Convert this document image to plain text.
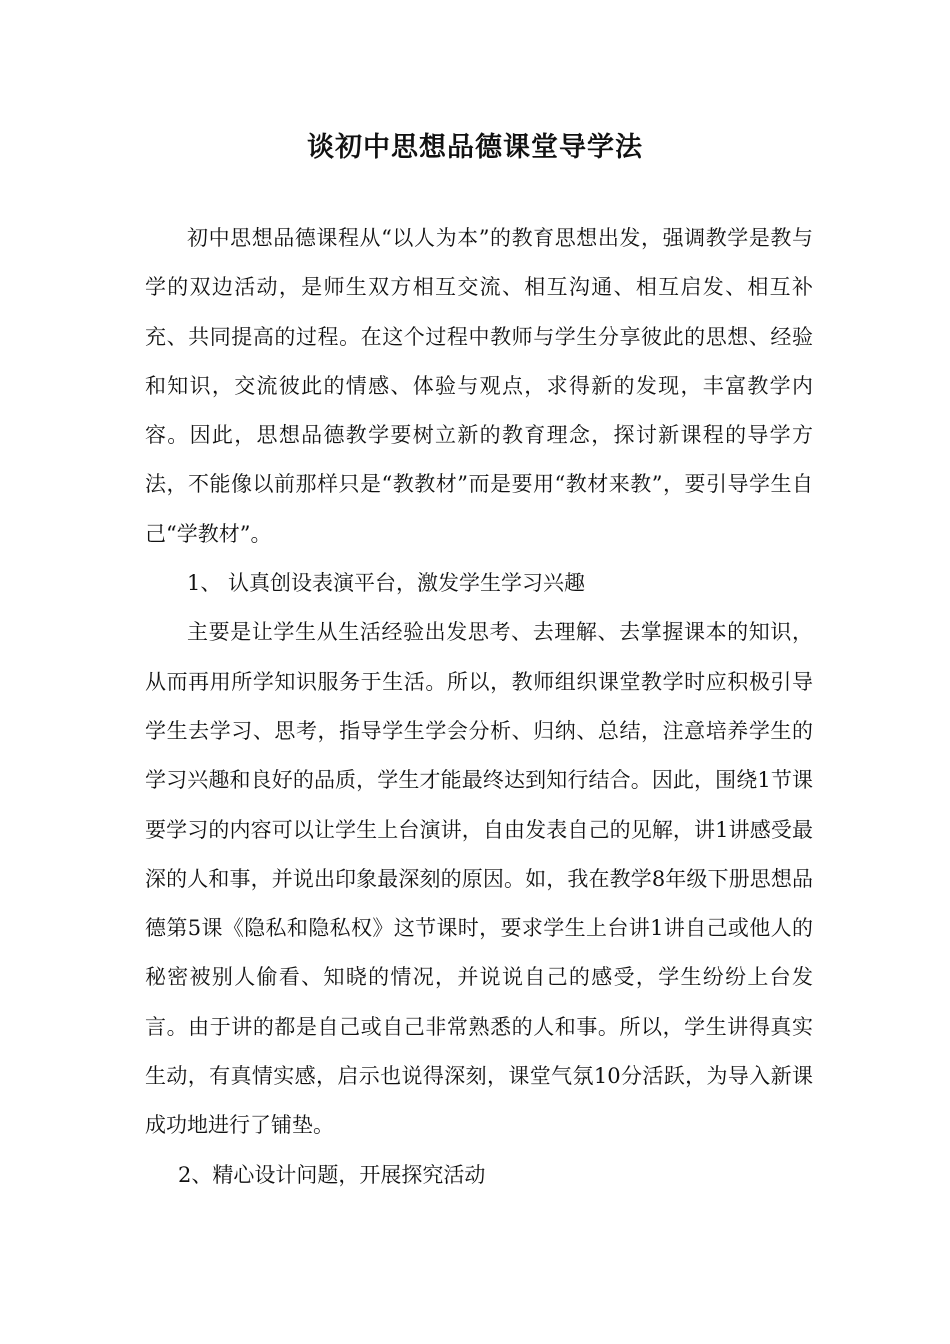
谈初中思想品德课堂导学法

初中思想品德课程从“以人为本”的教育思想出发，强调教学是教与学的双边活动，是师生双方相互交流、相互沟通、相互启发、相互补充、共同提高的过程。在这个过程中教师与学生分享彼此的思想、经验和知识，交流彼此的情感、体验与观点，求得新的发现，丰富教学内容。因此，思想品德教学要树立新的教育理念，探讨新课程的导学方法，不能像以前那样只是“教教材”而是要用“教材来教”，要引导学生自己“学教材”。

1、 认真创设表演平台，激发学生学习兴趣

主要是让学生从生活经验出发思考、去理解、去掌握课本的知识，从而再用所学知识服务于生活。所以，教师组织课堂教学时应积极引导学生去学习、思考，指导学生学会分析、归纳、总结，注意培养学生的学习兴趣和良好的品质，学生才能最终达到知行结合。因此，围绕1节课要学习的内容可以让学生上台演讲，自由发表自己的见解，讲1讲感受最深的人和事，并说出印象最深刻的原因。如，我在教学8年级下册思想品德第5课《隐私和隐私权》这节课时，要求学生上台讲1讲自己或他人的秘密被别人偷看、知晓的情况，并说说自己的感受，学生纷纷上台发言。由于讲的都是自己或自己非常熟悉的人和事。所以，学生讲得真实生动，有真情实感，启示也说得深刻，课堂气氛10分活跃，为导入新课成功地进行了铺垫。

2、精心设计问题，开展探究活动
